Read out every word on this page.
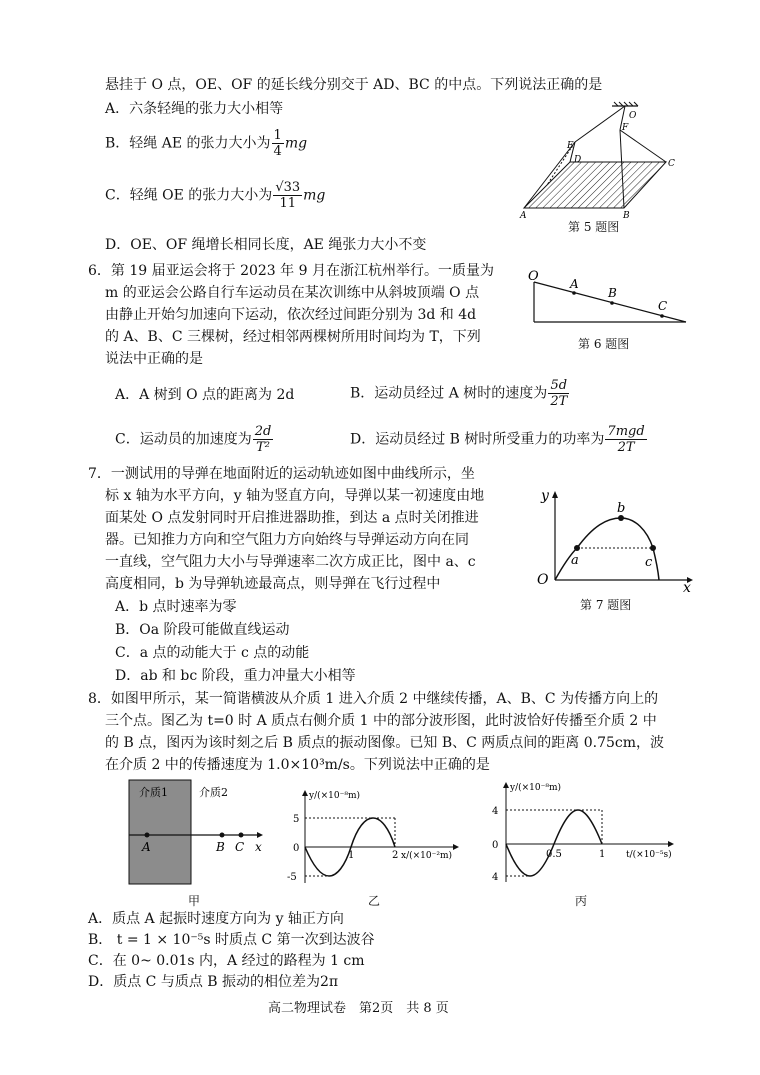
悬挂于 O 点，OE、OF 的延长线分别交于 AD、BC 的中点。下列说法正确的是
A．六条轻绳的张力大小相等
B．轻绳 AE 的张力大小为 $\frac{1}{4}$ mg
C．轻绳 OE 的张力大小为 $\frac{√33}{11}$ mg
D．OE、OF 绳增长相同长度，AE 绳张力大小不变
O
E
F
D	C
A	B
第 5 题图
6．第 19 届亚运会将于 2023 年 9 月在浙江杭州举行。一质量为
m 的亚运会公路自行车运动员在某次训练中从斜坡顶端 O 点
由静止开始匀加速向下运动，依次经过间距分别为 3d 和 4d
的 A、B、C 三棵树，经过相邻两棵树所用时间均为 T，下列
说法中正确的是
O	A
B
C
第 6 题图
A．A 树到 O 点的距离为 2d	B．运动员经过 A 树时的速度为 $\frac{5d}{2T}$
C．运动员的加速度为 $\frac{2d}{\text{T²}}$	D．运动员经过 B 树时所受重力的功率为 $\frac{\text{7mgd}}{2T}$
7．一测试用的导弹在地面附近的运动轨迹如图中曲线所示，坐
标 x 轴为水平方向，y 轴为竖直方向，导弹以某一初速度由地
面某处 O 点发射同时开启推进器助推，到达 a 点时关闭推进
器。已知推力方向和空气阻力方向始终与导弹运动方向在同
一直线，空气阻力大小与导弹速率二次方成正比，图中 a、c
高度相同，b 为导弹轨迹最高点，则导弹在飞行过程中
A．b 点时速率为零
B．Oa 阶段可能做直线运动
C．a 点的动能大于 c 点的动能
D．ab 和 bc 阶段，重力冲量大小相等
y
x
O
a
b
c
第 7 题图
8．如图甲所示，某一简谐横波从介质 1 进入介质 2 中继续传播，A、B、C 为传播方向上的
三个点。图乙为 t=0 时 A 质点右侧介质 1 中的部分波形图，此时波恰好传播至介质 2 中
的 B 点，图丙为该时刻之后 B 质点的振动图像。已知 B、C 两质点间的距离 0.75cm，波
在介质 2 中的传播速度为 1.0×10³m/s。下列说法中正确的是
介质1	介质2
A	B C x
甲
y/(×10⁻⁸m)
x/(×10⁻²m)
5
-5
0
1	2
乙
y/(×10⁻⁸m)
t/(×10⁻⁵s)
4
4
0
0.5	1
丙
A．质点 A 起振时速度方向为 y 轴正方向
B． t = 1 × 10⁻⁵s 时质点 C 第一次到达波谷
C．在 0~ 0.01s 内，A 经过的路程为 1 cm
D．质点 C 与质点 B 振动的相位差为2π
高二物理试卷　第2页　共 8 页
